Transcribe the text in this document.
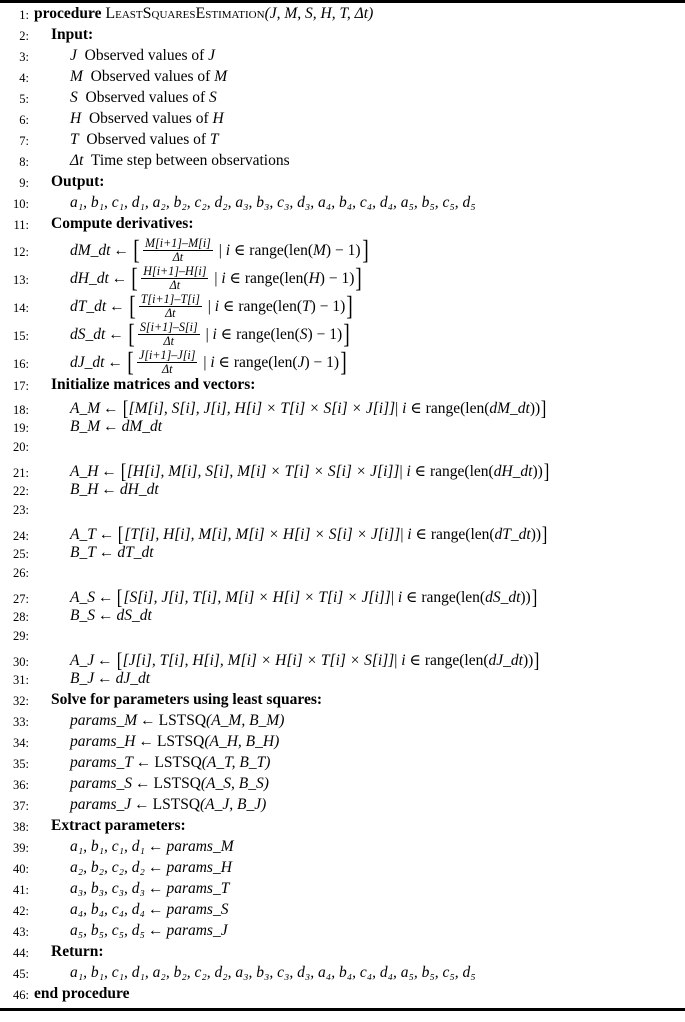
1: procedure LeastSquaresEstimation(J, M, S, H, T, Δt)
2:	Input:
3:	J Observed values of J
4:	M Observed values of M
5:	S Observed values of S
6:	H Observed values of H
7:	T Observed values of T
8:	Δt Time step between observations
9:	Output:
10:	a₁, b₁, c₁, d₁, a₂, b₂, c₂, d₂, a₃, b₃, c₃, d₃, a₄, b₄, c₄, d₄, a₅, b₅, c₅, d₅
11:	Compute derivatives:
12:	dM_dt ← [ $\frac{M[i+1]-M[i]}{\Delta t}$ | i ∈ range(len(M) − 1)]
13:	dH_dt ← [ $\frac{H[i+1]-H[i]}{\Delta t}$ | i ∈ range(len(H) − 1)]
14:	dT_dt ← [ $\frac{T[i+1]-T[i]}{\Delta t}$ | i ∈ range(len(T) − 1)]
15:	dS_dt ← [ $\frac{S[i+1]-S[i]}{\Delta t}$ | i ∈ range(len(S) − 1)]
16:	dJ_dt ← [ $\frac{J[i+1]-J[i]}{\Delta t}$ | i ∈ range(len(J) − 1)]
17:	Initialize matrices and vectors:
18:	A_M ← [[M[i], S[i], J[i], H[i] × T[i] × S[i] × J[i]]| i ∈ range(len(dM_dt))]
19:	B_M ← dM_dt
20:
21:	A_H ← [[H[i], M[i], S[i], M[i] × T[i] × S[i] × J[i]]| i ∈ range(len(dH_dt))]
22:	B_H ← dH_dt
23:
24:	A_T ← [[T[i], H[i], M[i], M[i] × H[i] × S[i] × J[i]]| i ∈ range(len(dT_dt))]
25:	B_T ← dT_dt
26:
27:	A_S ← [[S[i], J[i], T[i], M[i] × H[i] × T[i] × J[i]]| i ∈ range(len(dS_dt))]
28:	B_S ← dS_dt
29:
30:	A_J ← [[J[i], T[i], H[i], M[i] × H[i] × T[i] × S[i]]| i ∈ range(len(dJ_dt))]
31:	B_J ← dJ_dt
32:	Solve for parameters using least squares:
33:	params_M ← LSTSQ(A_M, B_M)
34:	params_H ← LSTSQ(A_H, B_H)
35:	params_T ← LSTSQ(A_T, B_T)
36:	params_S ← LSTSQ(A_S, B_S)
37:	params_J ← LSTSQ(A_J, B_J)
38:	Extract parameters:
39:	a₁, b₁, c₁, d₁ ← params_M
40:	a₂, b₂, c₂, d₂ ← params_H
41:	a₃, b₃, c₃, d₃ ← params_T
42:	a₄, b₄, c₄, d₄ ← params_S
43:	a₅, b₅, c₅, d₅ ← params_J
44:	Return:
45:	a₁, b₁, c₁, d₁, a₂, b₂, c₂, d₂, a₃, b₃, c₃, d₃, a₄, b₄, c₄, d₄, a₅, b₅, c₅, d₅
46: end procedure
